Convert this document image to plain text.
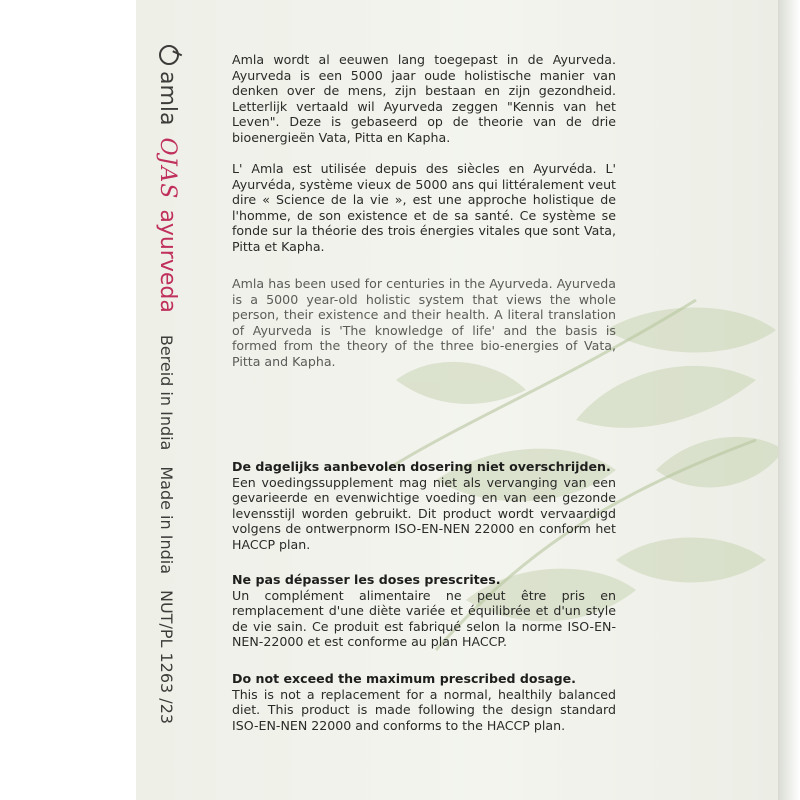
amla
OJAS
ayurveda
Bereid in India
Made in India
NUT/PL 1263 /23

Amla wordt al eeuwen lang toegepast in de Ayurveda. Ayurveda is een 5000 jaar oude holistische manier van denken over de mens, zijn bestaan en zijn gezondheid. Letterlijk vertaald wil Ayurveda zeggen "Kennis van het Leven". Deze is gebaseerd op de theorie van de drie bioenergieën Vata, Pitta en Kapha.

L' Amla est utilisée depuis des siècles en Ayurvéda. L' Ayurvéda, système vieux de 5000 ans qui littéralement veut dire « Science de la vie », est une approche holistique de l'homme, de son existence et de sa santé. Ce système se fonde sur la théorie des trois énergies vitales que sont Vata, Pitta et Kapha.

Amla has been used for centuries in the Ayurveda. Ayurveda is a 5000 year-old holistic system that views the whole person, their existence and their health. A literal translation of Ayurveda is 'The knowledge of life' and the basis is formed from the theory of the three bio-energies of Vata, Pitta and Kapha.

De dagelijks aanbevolen dosering niet overschrijden.

Een voedingssupplement mag niet als vervanging van een gevarieerde en evenwichtige voeding en van een gezonde levensstijl worden gebruikt. Dit product wordt vervaardigd volgens de ontwerpnorm ISO-EN-NEN 22000 en conform het HACCP plan.

Ne pas dépasser les doses prescrites.

Un complément alimentaire ne peut être pris en remplacement d'une diète variée et équilibrée et d'un style de vie sain. Ce produit est fabriqué selon la norme ISO-EN-NEN-22000 et est conforme au plan HACCP.

Do not exceed the maximum prescribed dosage.

This is not a replacement for a normal, healthily balanced diet. This product is made following the design standard ISO-EN-NEN 22000 and conforms to the HACCP plan.
